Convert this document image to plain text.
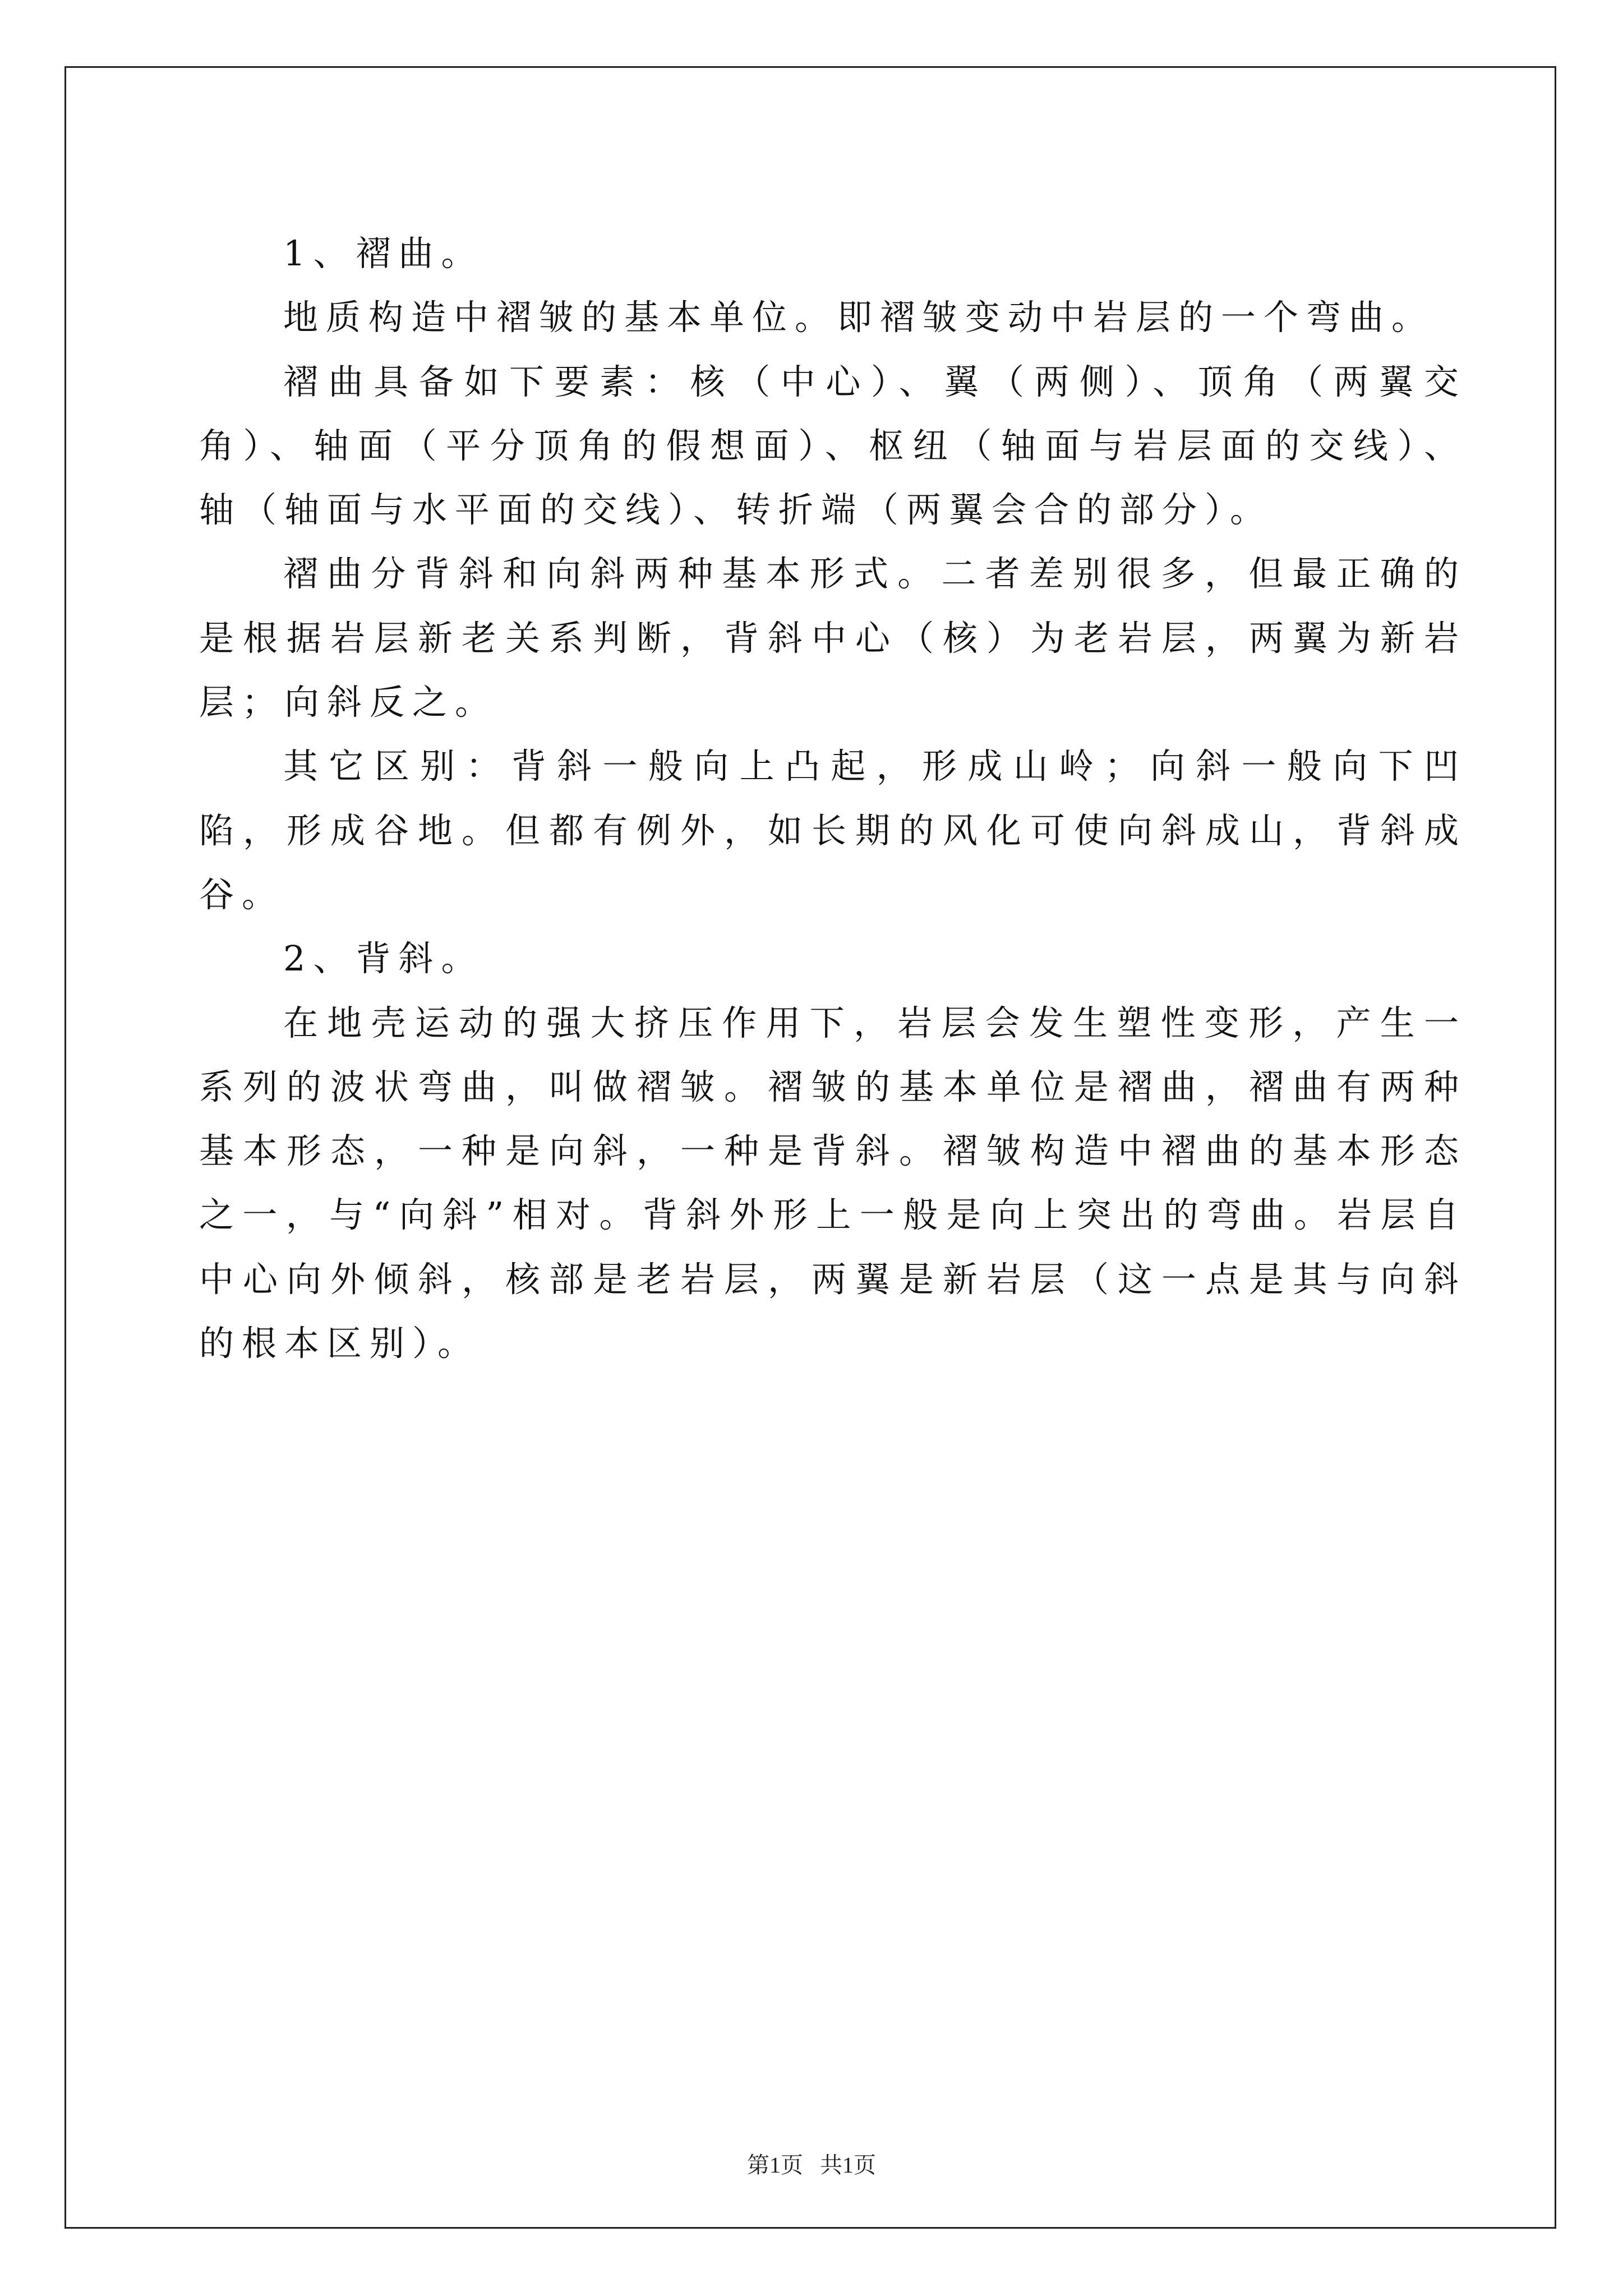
1、褶曲。

地质构造中褶皱的基本单位。即褶皱变动中岩层的一个弯曲。

褶曲具备如下要素：核（中心）、翼（两侧）、顶角（两翼交角）、轴面（平分顶角的假想面）、枢纽（轴面与岩层面的交线）、轴（轴面与水平面的交线）、转折端（两翼会合的部分）。

褶曲分背斜和向斜两种基本形式。二者差别很多，但最正确的是根据岩层新老关系判断，背斜中心（核）为老岩层，两翼为新岩层；向斜反之。

其它区别：背斜一般向上凸起，形成山岭；向斜一般向下凹陷，形成谷地。但都有例外，如长期的风化可使向斜成山，背斜成谷。

2、背斜。

在地壳运动的强大挤压作用下，岩层会发生塑性变形，产生一系列的波状弯曲，叫做褶皱。褶皱的基本单位是褶曲，褶曲有两种基本形态，一种是向斜，一种是背斜。褶皱构造中褶曲的基本形态之一，与“向斜”相对。背斜外形上一般是向上突出的弯曲。岩层自中心向外倾斜，核部是老岩层，两翼是新岩层（这一点是其与向斜的根本区别）。

第1页   共1页
